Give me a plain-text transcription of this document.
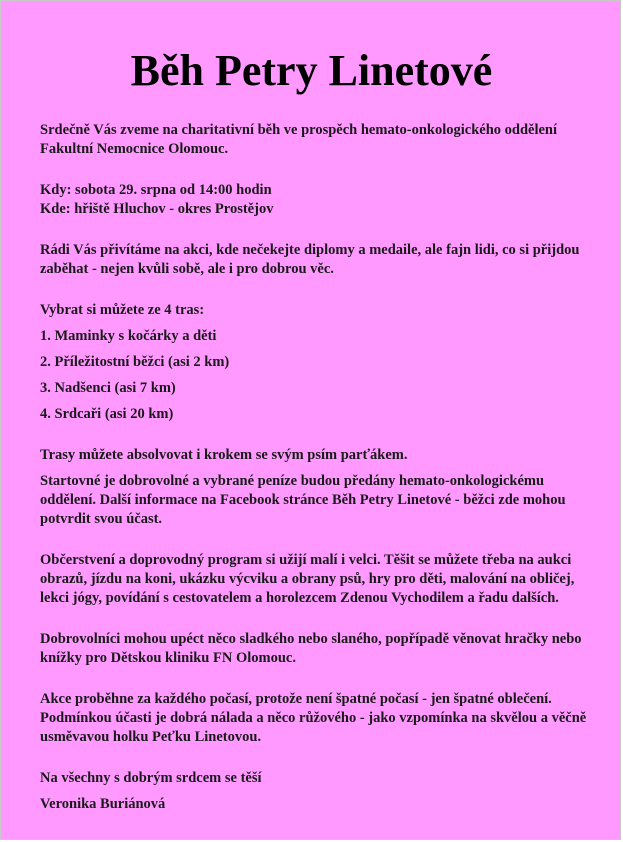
Běh Petry Linetové

Srdečně Vás zveme na charitativní běh ve prospěch hemato-onkologického oddělení Fakultní Nemocnice Olomouc.

Kdy: sobota 29. srpna od 14:00 hodin

Kde: hřiště Hluchov - okres Prostějov

Rádi Vás přivítáme na akci, kde nečekejte diplomy a medaile, ale fajn lidi, co si přijdou zaběhat - nejen kvůli sobě, ale i pro dobrou věc.

Vybrat si můžete ze 4 tras:

1. Maminky s kočárky a děti

2. Příležitostní běžci (asi 2 km)

3. Nadšenci (asi 7 km)

4. Srdcaři (asi 20 km)

Trasy můžete absolvovat i krokem se svým psím parťákem.

Startovné je dobrovolné a vybrané peníze budou předány hemato-onkologickému oddělení. Další informace na Facebook stránce Běh Petry Linetové - běžci zde mohou potvrdit svou účast.

Občerstvení a doprovodný program si užijí malí i velci. Těšit se můžete třeba na aukci obrazů, jízdu na koni, ukázku výcviku a obrany psů, hry pro děti, malování na obličej, lekci jógy, povídání s cestovatelem a horolezcem Zdenou Vychodilem a řadu dalších.

Dobrovolníci mohou upéct něco sladkého nebo slaného, popřípadě věnovat hračky nebo knížky pro Dětskou kliniku FN Olomouc.

Akce proběhne za každého počasí, protože není špatné počasí - jen špatné oblečení. Podmínkou účasti je dobrá nálada a něco růžového - jako vzpomínka na skvělou a věčně usměvavou holku Peťku Linetovou.

Na všechny s dobrým srdcem se těší

Veronika Buriánová
